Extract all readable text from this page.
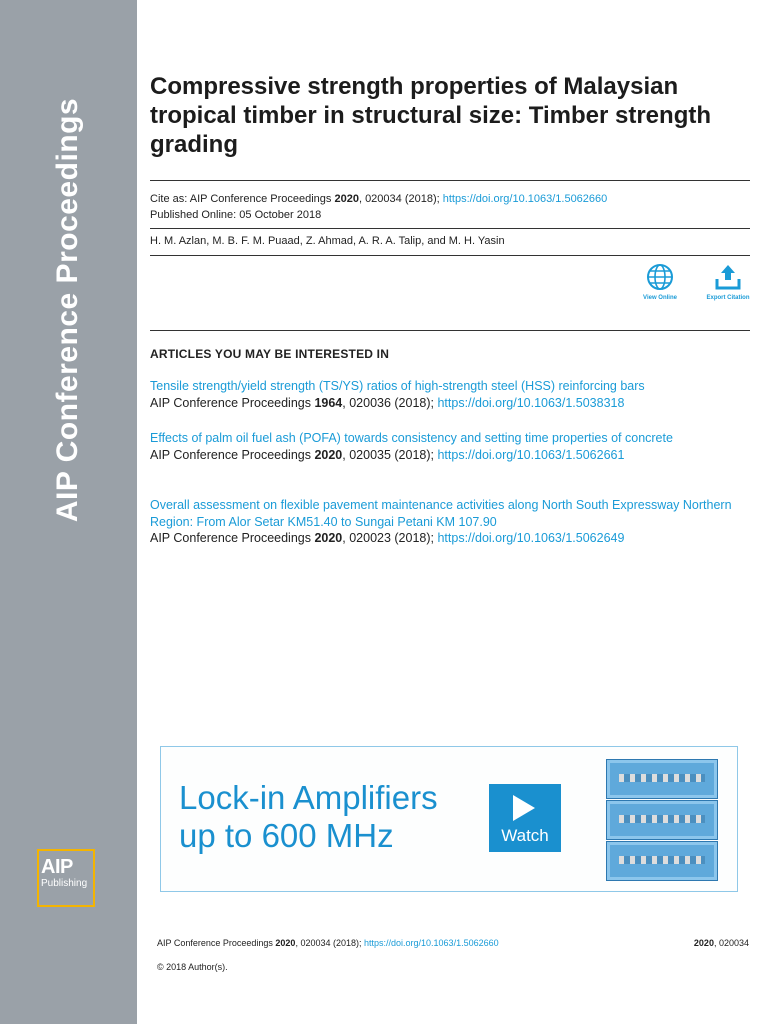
AIP Conference Proceedings
AIP
Publishing
Compressive strength properties of Malaysian tropical timber in structural size: Timber strength grading
Cite as: AIP Conference Proceedings 2020, 020034 (2018); https://doi.org/10.1063/1.5062660
Published Online: 05 October 2018
H. M. Azlan, M. B. F. M. Puaad, Z. Ahmad, A. R. A. Talip, and M. H. Yasin
View Online	Export Citation
ARTICLES YOU MAY BE INTERESTED IN
Tensile strength/yield strength (TS/YS) ratios of high-strength steel (HSS) reinforcing bars
AIP Conference Proceedings 1964, 020036 (2018); https://doi.org/10.1063/1.5038318
Effects of palm oil fuel ash (POFA) towards consistency and setting time properties of concrete
AIP Conference Proceedings 2020, 020035 (2018); https://doi.org/10.1063/1.5062661
Overall assessment on flexible pavement maintenance activities along North South Expressway Northern Region: From Alor Setar KM51.40 to Sungai Petani KM 107.90
AIP Conference Proceedings 2020, 020023 (2018); https://doi.org/10.1063/1.5062649
Lock-in Amplifiers
up to 600 MHz	Watch
AIP Conference Proceedings 2020, 020034 (2018); https://doi.org/10.1063/1.5062660	2020, 020034
© 2018 Author(s).
